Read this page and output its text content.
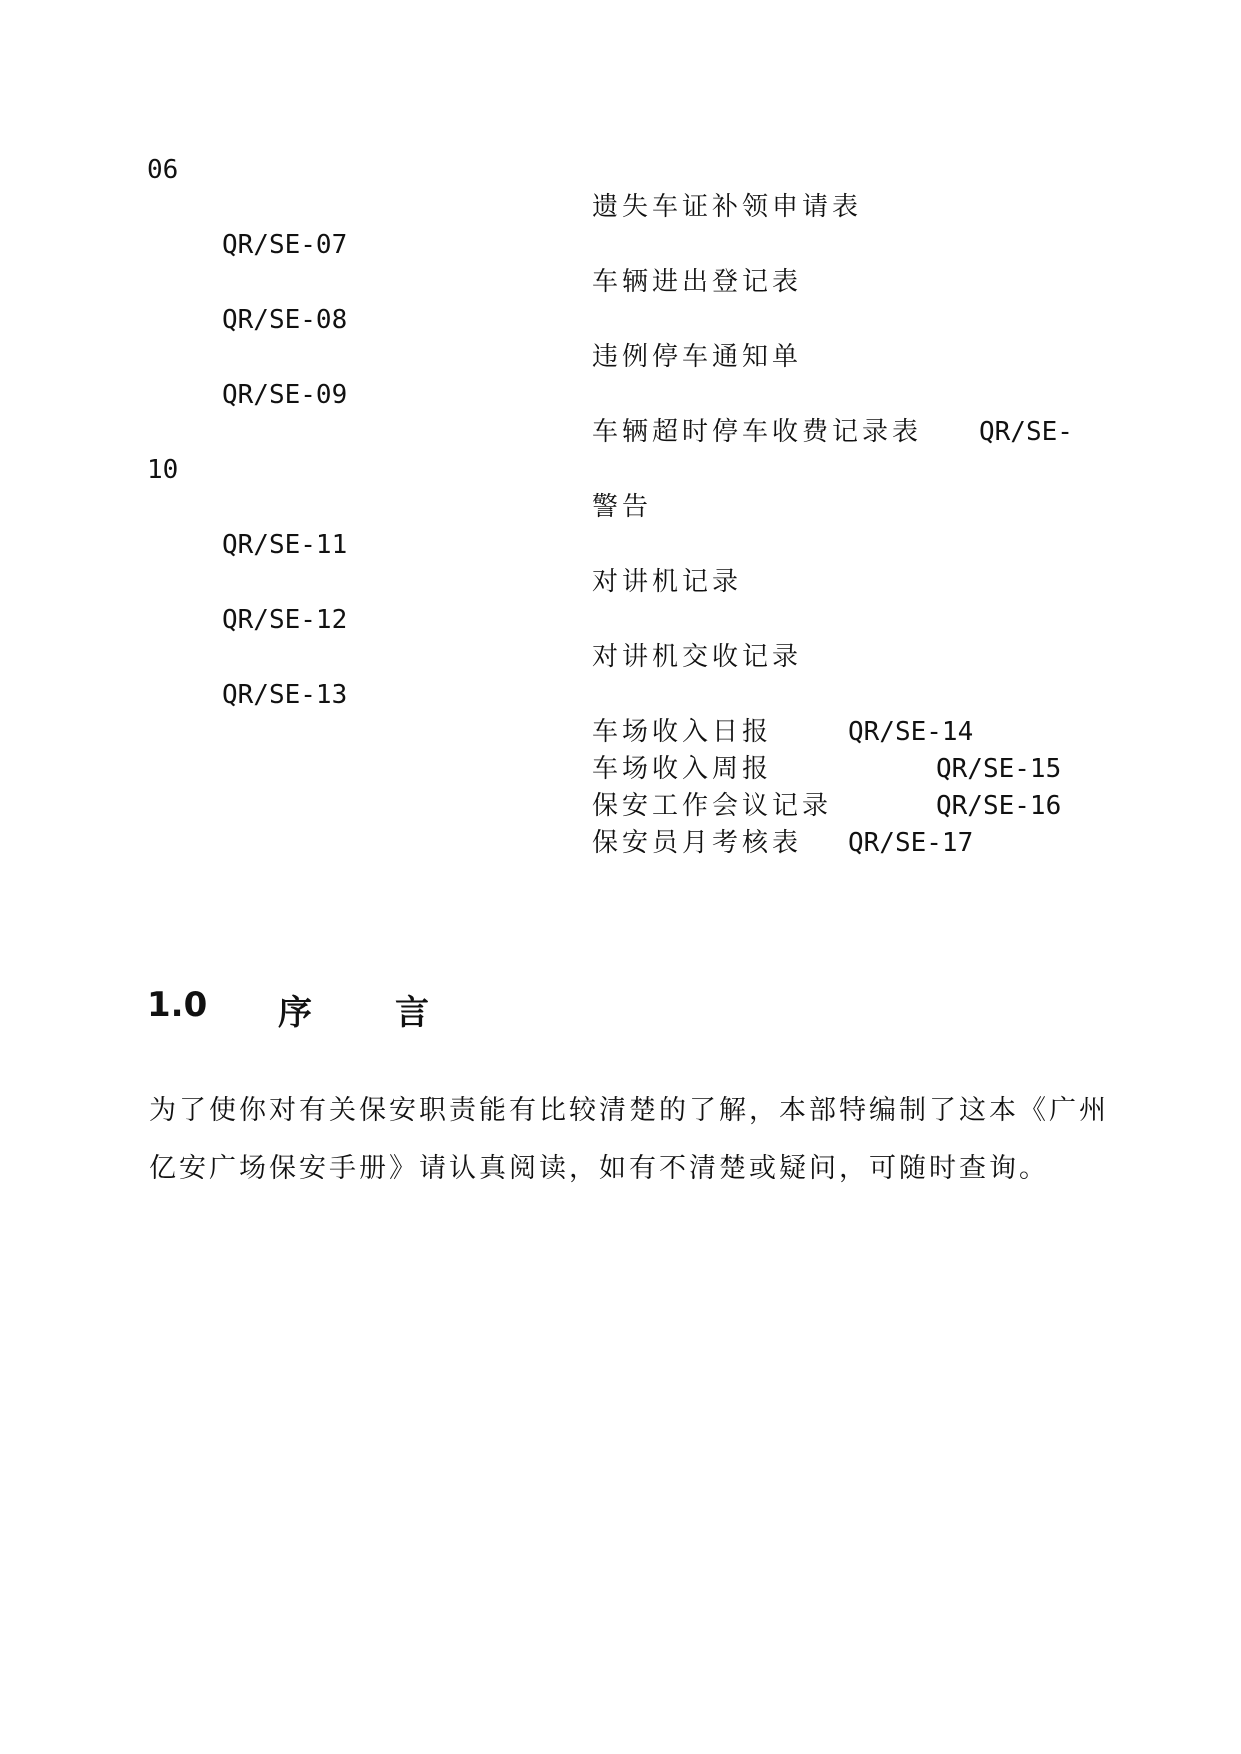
06
QR/SE-07
QR/SE-08
QR/SE-09
10
QR/SE-11
QR/SE-12
QR/SE-13
遗失车证补领申请表
车辆进出登记表
违例停车通知单
车辆超时停车收费记录表
警告
对讲机记录
对讲机交收记录
车场收入日报
车场收入周报
保安工作会议记录
保安员月考核表
QR/SE-
QR/SE-14
QR/SE-15
QR/SE-16
QR/SE-17
1.0 序 言
为了使你对有关保安职责能有比较清楚的了解，本部特编制了这本《广州
亿安广场保安手册》请认真阅读，如有不清楚或疑问，可随时查询。
